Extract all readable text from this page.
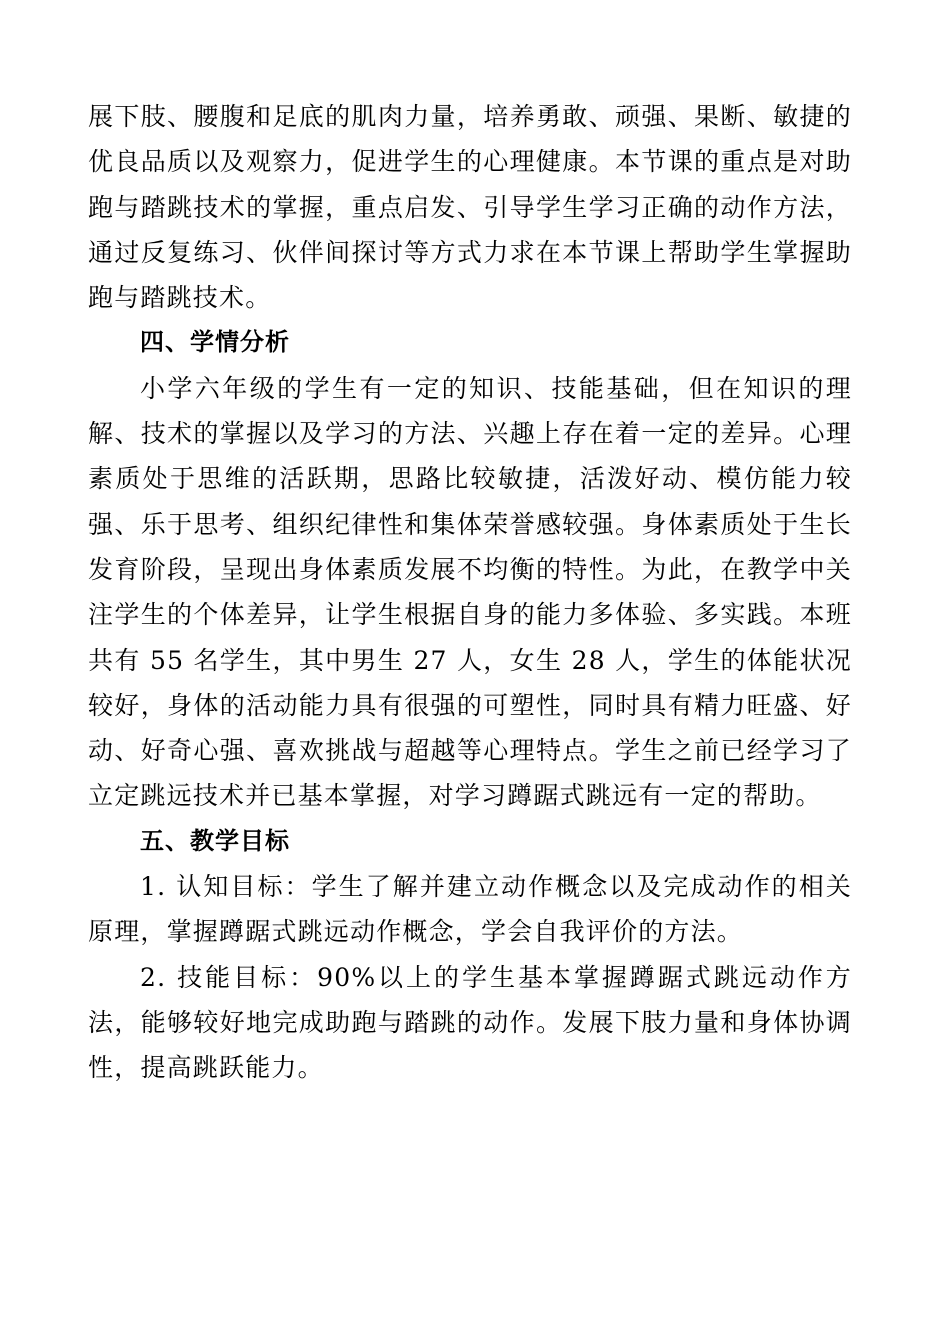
展下肢、腰腹和足底的肌肉力量，培养勇敢、顽强、果断、敏捷的优良品质以及观察力，促进学生的心理健康。本节课的重点是对助跑与踏跳技术的掌握，重点启发、引导学生学习正确的动作方法，通过反复练习、伙伴间探讨等方式力求在本节课上帮助学生掌握助跑与踏跳技术。

四、学情分析

小学六年级的学生有一定的知识、技能基础，但在知识的理解、技术的掌握以及学习的方法、兴趣上存在着一定的差异。心理素质处于思维的活跃期，思路比较敏捷，活泼好动、模仿能力较强、乐于思考、组织纪律性和集体荣誉感较强。身体素质处于生长发育阶段，呈现出身体素质发展不均衡的特性。为此，在教学中关注学生的个体差异，让学生根据自身的能力多体验、多实践。本班共有 55 名学生，其中男生 27 人，女生 28 人，学生的体能状况较好，身体的活动能力具有很强的可塑性，同时具有精力旺盛、好动、好奇心强、喜欢挑战与超越等心理特点。学生之前已经学习了立定跳远技术并已基本掌握，对学习蹲踞式跳远有一定的帮助。

五、教学目标

1. 认知目标：学生了解并建立动作概念以及完成动作的相关原理，掌握蹲踞式跳远动作概念，学会自我评价的方法。

2. 技能目标：90%以上的学生基本掌握蹲踞式跳远动作方法，能够较好地完成助跑与踏跳的动作。发展下肢力量和身体协调性，提高跳跃能力。
